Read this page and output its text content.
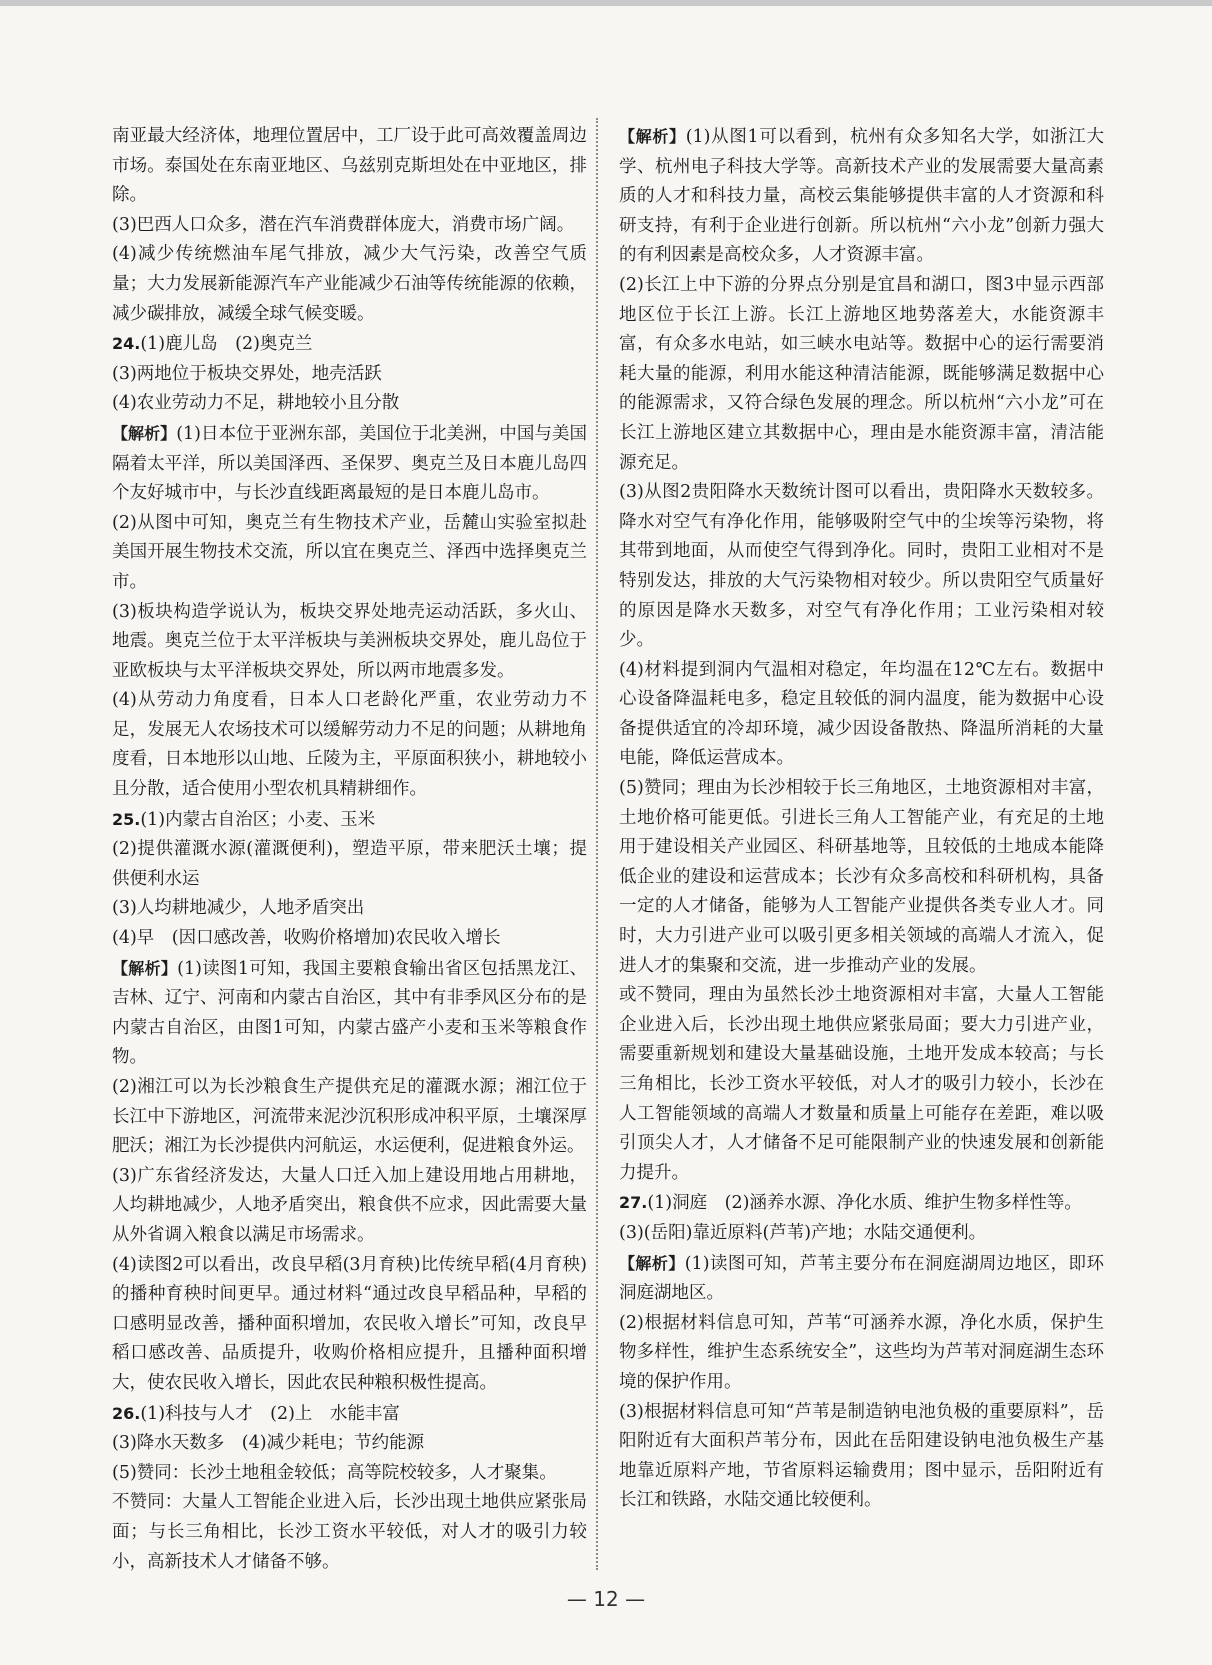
南亚最大经济体，地理位置居中，工厂设于此可高效覆盖周边市场。泰国处在东南亚地区、乌兹别克斯坦处在中亚地区，排除。

(3)巴西人口众多，潜在汽车消费群体庞大，消费市场广阔。

(4)减少传统燃油车尾气排放，减少大气污染，改善空气质量；大力发展新能源汽车产业能减少石油等传统能源的依赖，减少碳排放，减缓全球气候变暖。

24.(1)鹿儿岛　(2)奥克兰

(3)两地位于板块交界处，地壳活跃

(4)农业劳动力不足，耕地较小且分散

【解析】(1)日本位于亚洲东部，美国位于北美洲，中国与美国隔着太平洋，所以美国泽西、圣保罗、奥克兰及日本鹿儿岛四个友好城市中，与长沙直线距离最短的是日本鹿儿岛市。

(2)从图中可知，奥克兰有生物技术产业，岳麓山实验室拟赴美国开展生物技术交流，所以宜在奥克兰、泽西中选择奥克兰市。

(3)板块构造学说认为，板块交界处地壳运动活跃，多火山、地震。奥克兰位于太平洋板块与美洲板块交界处，鹿儿岛位于亚欧板块与太平洋板块交界处，所以两市地震多发。

(4)从劳动力角度看，日本人口老龄化严重，农业劳动力不足，发展无人农场技术可以缓解劳动力不足的问题；从耕地角度看，日本地形以山地、丘陵为主，平原面积狭小，耕地较小且分散，适合使用小型农机具精耕细作。

25.(1)内蒙古自治区；小麦、玉米

(2)提供灌溉水源(灌溉便利)，塑造平原，带来肥沃土壤；提供便利水运

(3)人均耕地减少，人地矛盾突出

(4)早　(因口感改善，收购价格增加)农民收入增长

【解析】(1)读图1可知，我国主要粮食输出省区包括黑龙江、吉林、辽宁、河南和内蒙古自治区，其中有非季风区分布的是内蒙古自治区，由图1可知，内蒙古盛产小麦和玉米等粮食作物。

(2)湘江可以为长沙粮食生产提供充足的灌溉水源；湘江位于长江中下游地区，河流带来泥沙沉积形成冲积平原，土壤深厚肥沃；湘江为长沙提供内河航运，水运便利，促进粮食外运。

(3)广东省经济发达，大量人口迁入加上建设用地占用耕地，人均耕地减少，人地矛盾突出，粮食供不应求，因此需要大量从外省调入粮食以满足市场需求。

(4)读图2可以看出，改良早稻(3月育秧)比传统早稻(4月育秧)的播种育秧时间更早。通过材料“通过改良早稻品种，早稻的口感明显改善，播种面积增加，农民收入增长”可知，改良早稻口感改善、品质提升，收购价格相应提升，且播种面积增大，使农民收入增长，因此农民种粮积极性提高。

26.(1)科技与人才　(2)上　水能丰富

(3)降水天数多　(4)减少耗电；节约能源

(5)赞同：长沙土地租金较低；高等院校较多，人才聚集。

不赞同：大量人工智能企业进入后，长沙出现土地供应紧张局面；与长三角相比，长沙工资水平较低，对人才的吸引力较小，高新技术人才储备不够。

【解析】(1)从图1可以看到，杭州有众多知名大学，如浙江大学、杭州电子科技大学等。高新技术产业的发展需要大量高素质的人才和科技力量，高校云集能够提供丰富的人才资源和科研支持，有利于企业进行创新。所以杭州“六小龙”创新力强大的有利因素是高校众多，人才资源丰富。

(2)长江上中下游的分界点分别是宜昌和湖口，图3中显示西部地区位于长江上游。长江上游地区地势落差大，水能资源丰富，有众多水电站，如三峡水电站等。数据中心的运行需要消耗大量的能源，利用水能这种清洁能源，既能够满足数据中心的能源需求，又符合绿色发展的理念。所以杭州“六小龙”可在长江上游地区建立其数据中心，理由是水能资源丰富，清洁能源充足。

(3)从图2贵阳降水天数统计图可以看出，贵阳降水天数较多。降水对空气有净化作用，能够吸附空气中的尘埃等污染物，将其带到地面，从而使空气得到净化。同时，贵阳工业相对不是特别发达，排放的大气污染物相对较少。所以贵阳空气质量好的原因是降水天数多，对空气有净化作用；工业污染相对较少。

(4)材料提到洞内气温相对稳定，年均温在12℃左右。数据中心设备降温耗电多，稳定且较低的洞内温度，能为数据中心设备提供适宜的冷却环境，减少因设备散热、降温所消耗的大量电能，降低运营成本。

(5)赞同；理由为长沙相较于长三角地区，土地资源相对丰富，土地价格可能更低。引进长三角人工智能产业，有充足的土地用于建设相关产业园区、科研基地等，且较低的土地成本能降低企业的建设和运营成本；长沙有众多高校和科研机构，具备一定的人才储备，能够为人工智能产业提供各类专业人才。同时，大力引进产业可以吸引更多相关领域的高端人才流入，促进人才的集聚和交流，进一步推动产业的发展。

或不赞同，理由为虽然长沙土地资源相对丰富，大量人工智能企业进入后，长沙出现土地供应紧张局面；要大力引进产业，需要重新规划和建设大量基础设施，土地开发成本较高；与长三角相比，长沙工资水平较低，对人才的吸引力较小，长沙在人工智能领域的高端人才数量和质量上可能存在差距，难以吸引顶尖人才，人才储备不足可能限制产业的快速发展和创新能力提升。

27.(1)洞庭　(2)涵养水源、净化水质、维护生物多样性等。

(3)(岳阳)靠近原料(芦苇)产地；水陆交通便利。

【解析】(1)读图可知，芦苇主要分布在洞庭湖周边地区，即环洞庭湖地区。

(2)根据材料信息可知，芦苇“可涵养水源，净化水质，保护生物多样性，维护生态系统安全”，这些均为芦苇对洞庭湖生态环境的保护作用。

(3)根据材料信息可知“芦苇是制造钠电池负极的重要原料”，岳阳附近有大面积芦苇分布，因此在岳阳建设钠电池负极生产基地靠近原料产地，节省原料运输费用；图中显示，岳阳附近有长江和铁路，水陆交通比较便利。

— 12 —
